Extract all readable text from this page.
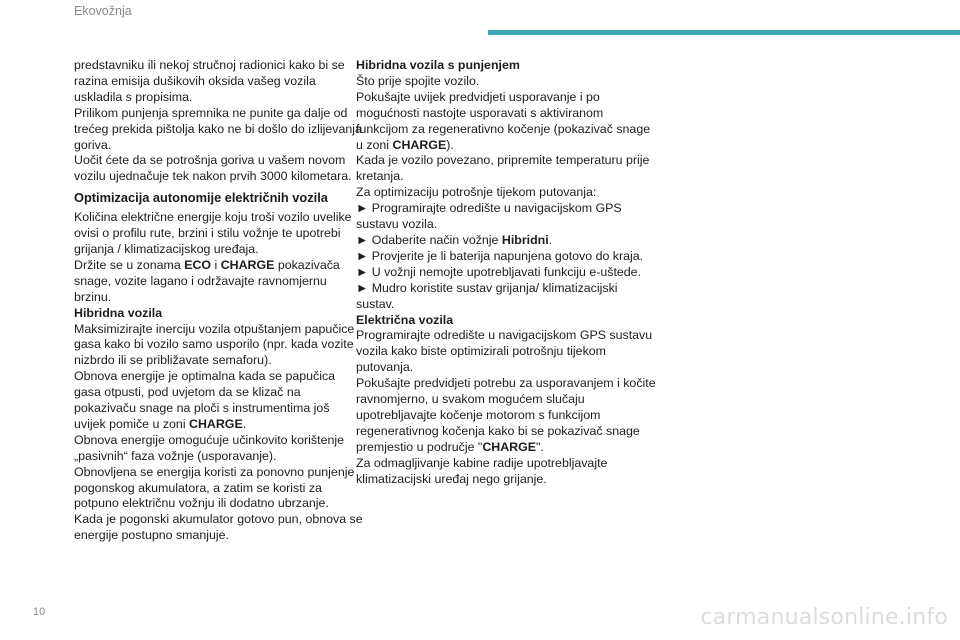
Ekovožnja

predstavniku ili nekoj stručnoj radionici kako bi se razina emisija dušikovih oksida vašeg vozila uskladila s propisima.

Prilikom punjenja spremnika ne punite ga dalje od trećeg prekida pištolja kako ne bi došlo do izlijevanja goriva.

Uočit ćete da se potrošnja goriva u vašem novom vozilu ujednačuje tek nakon prvih 3000 kilometara.

Optimizacija autonomije električnih vozila

Količina električne energije koju troši vozilo uvelike ovisi o profilu rute, brzini i stilu vožnje te upotrebi grijanja / klimatizacijskog uređaja.

Držite se u zonama ECO i CHARGE pokazivača snage, vozite lagano i održavajte ravnomjernu brzinu.

Hibridna vozila

Maksimizirajte inerciju vozila otpuštanjem papučice gasa kako bi vozilo samo usporilo (npr. kada vozite nizbrdo ili se približavate semaforu).

Obnova energije je optimalna kada se papučica gasa otpusti, pod uvjetom da se klizač na pokazivaču snage na ploči s instrumentima još uvijek pomiče u zoni CHARGE.

Obnova energije omogućuje učinkovito korištenje „pasivnih“ faza vožnje (usporavanje).

Obnovljena se energija koristi za ponovno punjenje pogonskog akumulatora, a zatim se koristi za potpuno električnu vožnju ili dodatno ubrzanje.

Kada je pogonski akumulator gotovo pun, obnova se energije postupno smanjuje.

Hibridna vozila s punjenjem

Što prije spojite vozilo.

Pokušajte uvijek predvidjeti usporavanje i po mogućnosti nastojte usporavati s aktiviranom funkcijom za regenerativno kočenje (pokazivač snage u zoni CHARGE).

Kada je vozilo povezano, pripremite temperaturu prije kretanja.

Za optimizaciju potrošnje tijekom putovanja:

► Programirajte odredište u navigacijskom GPS sustavu vozila.

► Odaberite način vožnje Hibridni.

► Provjerite je li baterija napunjena gotovo do kraja.

► U vožnji nemojte upotrebljavati funkciju e-uštede.

► Mudro koristite sustav grijanja/ klimatizacijski sustav.

Električna vozila

Programirajte odredište u navigacijskom GPS sustavu vozila kako biste optimizirali potrošnju tijekom putovanja.

Pokušajte predvidjeti potrebu za usporavanjem i kočite ravnomjerno, u svakom mogućem slučaju upotrebljavajte kočenje motorom s funkcijom regenerativnog kočenja kako bi se pokazivač snage premjestio u područje "CHARGE".

Za odmagljivanje kabine radije upotrebljavajte klimatizacijski uređaj nego grijanje.

10	carmanualsonline.info
